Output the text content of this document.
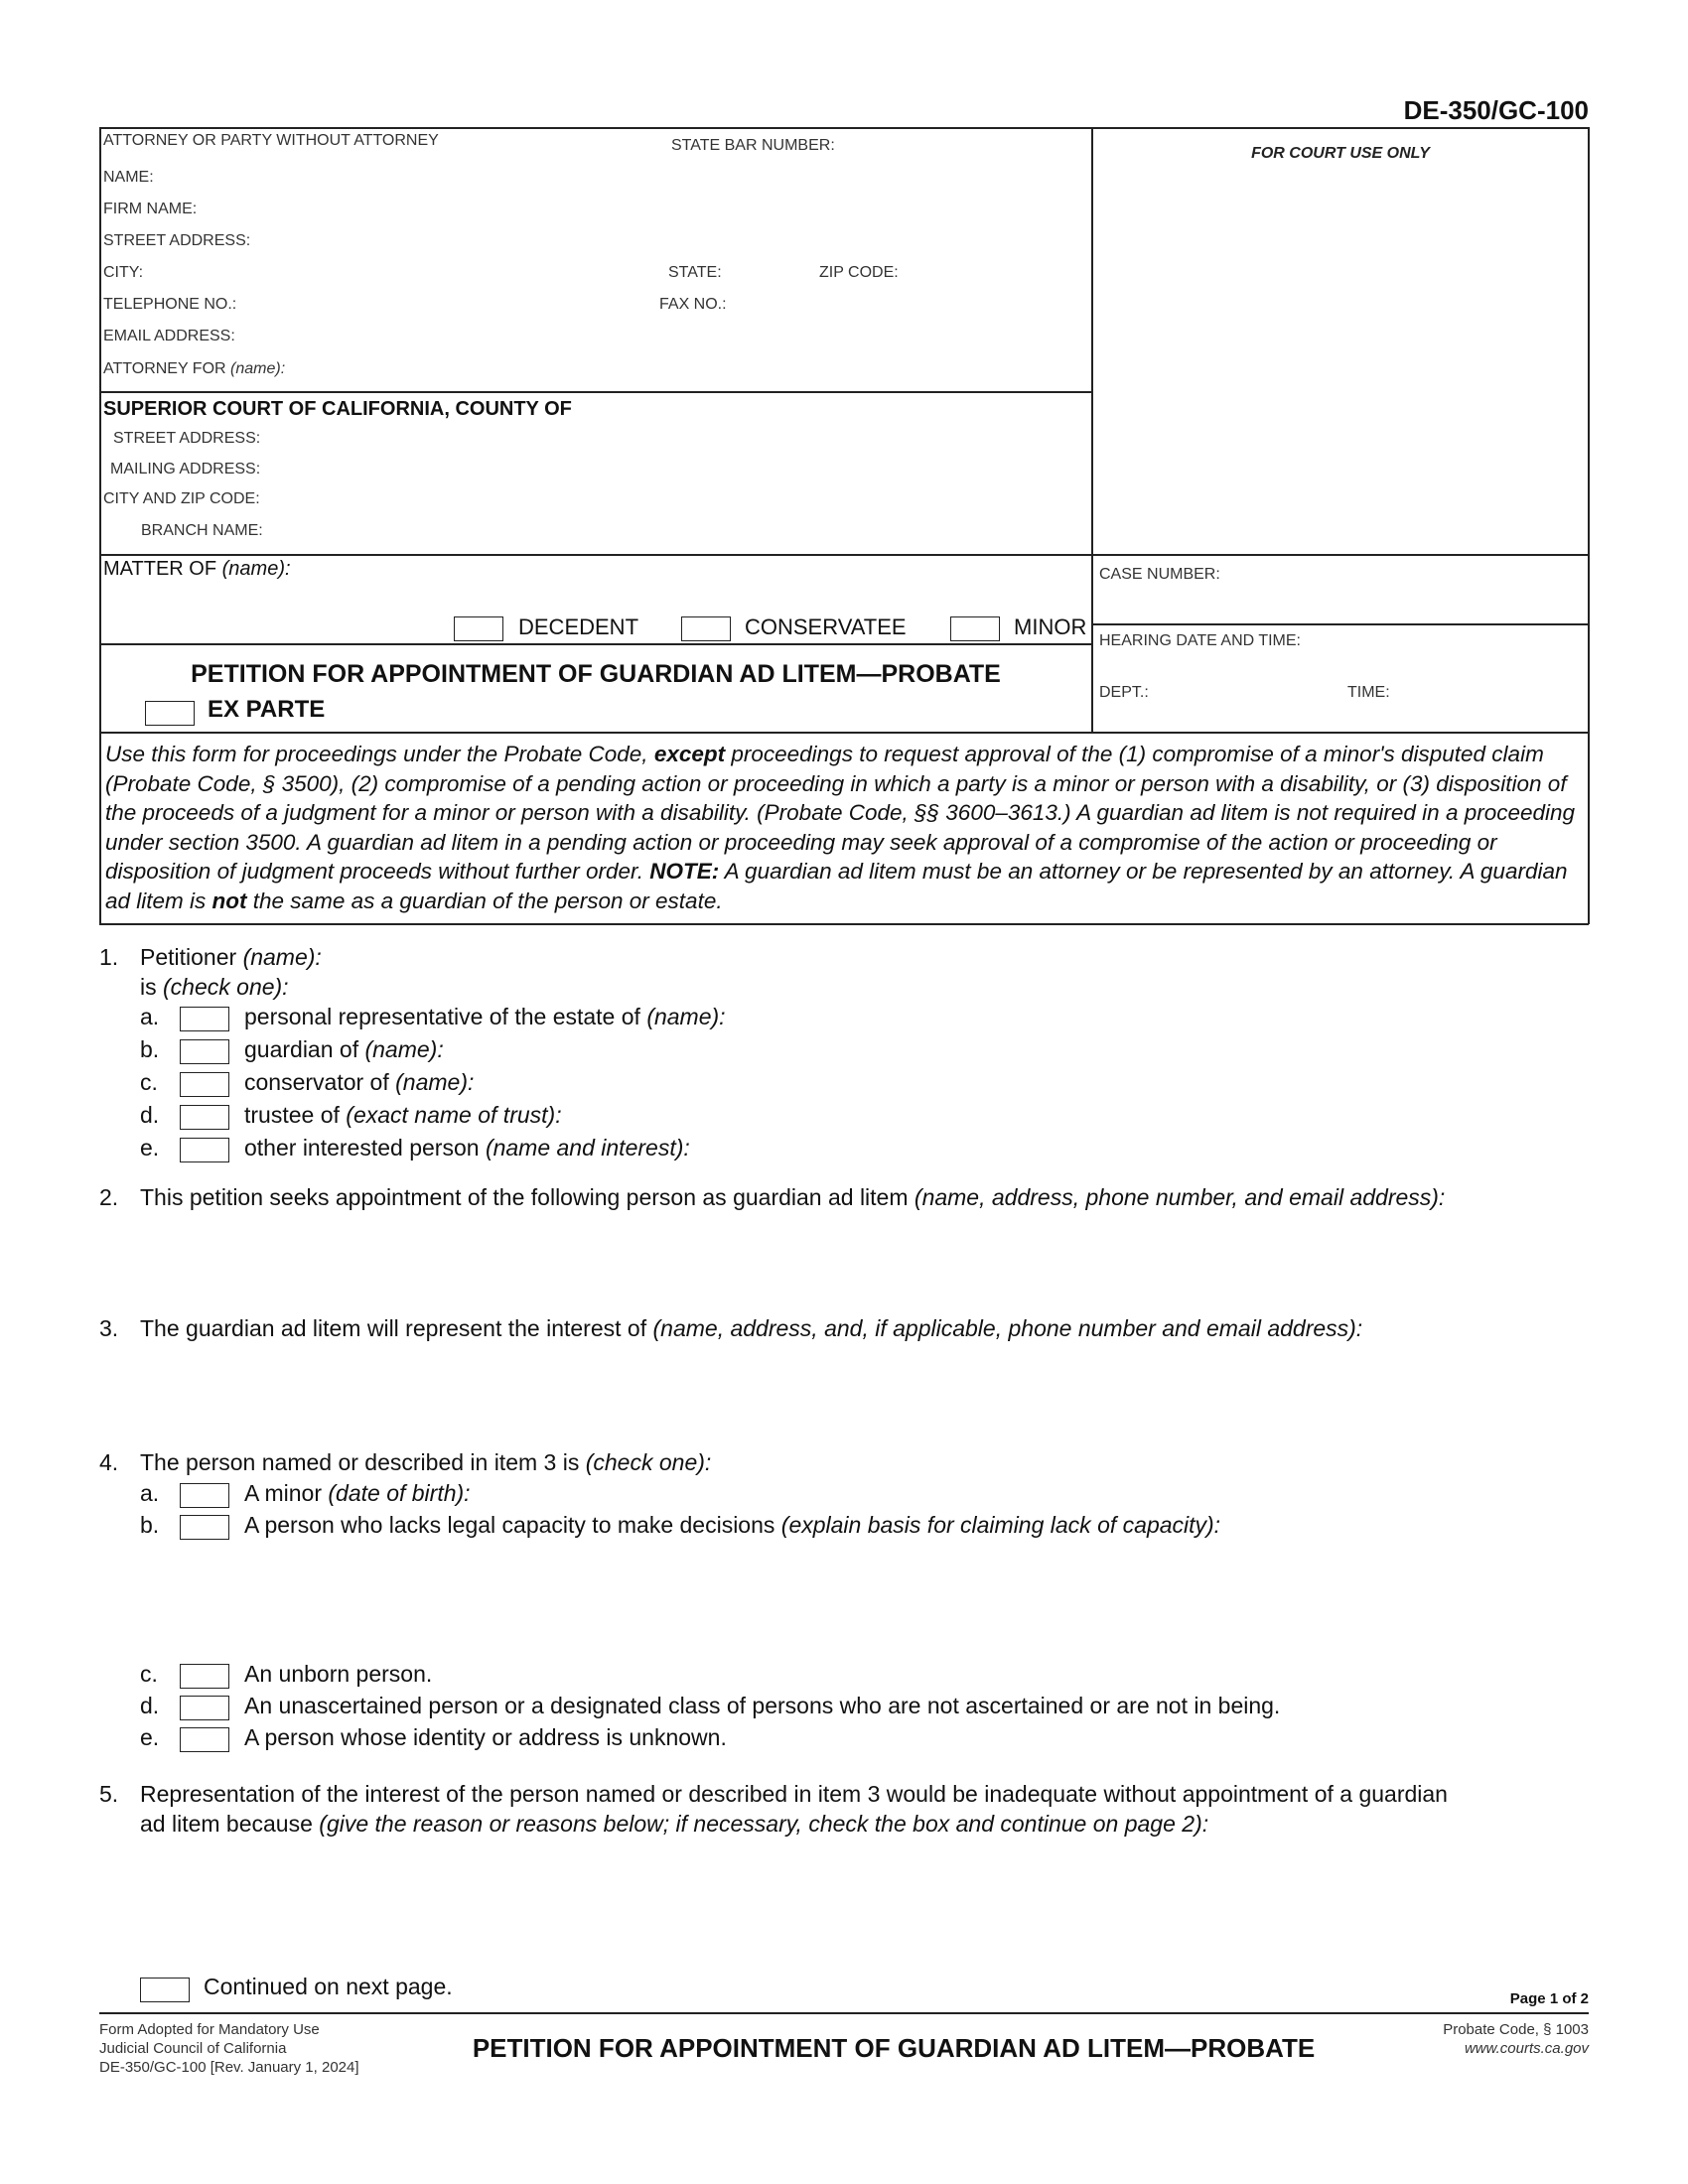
DE-350/GC-100
ATTORNEY OR PARTY WITHOUT ATTORNEY	STATE BAR NUMBER:
NAME:
FIRM NAME:
STREET ADDRESS:
CITY:	STATE:	ZIP CODE:
TELEPHONE NO.:	FAX NO.:
EMAIL ADDRESS:
ATTORNEY FOR (name):
FOR COURT USE ONLY
SUPERIOR COURT OF CALIFORNIA, COUNTY OF
STREET ADDRESS:
MAILING ADDRESS:
CITY AND ZIP CODE:
BRANCH NAME:
MATTER OF (name):
DECEDENT	CONSERVATEE	MINOR
CASE NUMBER:
HEARING DATE AND TIME:
DEPT.:	TIME:
PETITION FOR APPOINTMENT OF GUARDIAN AD LITEM—PROBATE
EX PARTE
Use this form for proceedings under the Probate Code, except proceedings to request approval of the (1) compromise of a minor's disputed claim (Probate Code, § 3500), (2) compromise of a pending action or proceeding in which a party is a minor or person with a disability, or (3) disposition of the proceeds of a judgment for a minor or person with a disability. (Probate Code, §§ 3600–3613.) A guardian ad litem is not required in a proceeding under section 3500. A guardian ad litem in a pending action or proceeding may seek approval of a compromise of the action or proceeding or disposition of judgment proceeds without further order. NOTE: A guardian ad litem must be an attorney or be represented by an attorney. A guardian ad litem is not the same as a guardian of the person or estate.
1. Petitioner (name):
is (check one):
a.	personal representative of the estate of (name):
b.	guardian of (name):
c.	conservator of (name):
d.	trustee of (exact name of trust):
e.	other interested person (name and interest):
2. This petition seeks appointment of the following person as guardian ad litem (name, address, phone number, and email address):
3. The guardian ad litem will represent the interest of (name, address, and, if applicable, phone number and email address):
4. The person named or described in item 3 is (check one):
a.	A minor (date of birth):
b.	A person who lacks legal capacity to make decisions (explain basis for claiming lack of capacity):
c.	An unborn person.
d.	An unascertained person or a designated class of persons who are not ascertained or are not in being.
e.	A person whose identity or address is unknown.
5. Representation of the interest of the person named or described in item 3 would be inadequate without appointment of a guardian
ad litem because (give the reason or reasons below; if necessary, check the box and continue on page 2):
Continued on next page.	Page 1 of 2
Form Adopted for Mandatory Use
Judicial Council of California
DE-350/GC-100 [Rev. January 1, 2024]
PETITION FOR APPOINTMENT OF GUARDIAN AD LITEM—PROBATE
Probate Code, § 1003
www.courts.ca.gov
